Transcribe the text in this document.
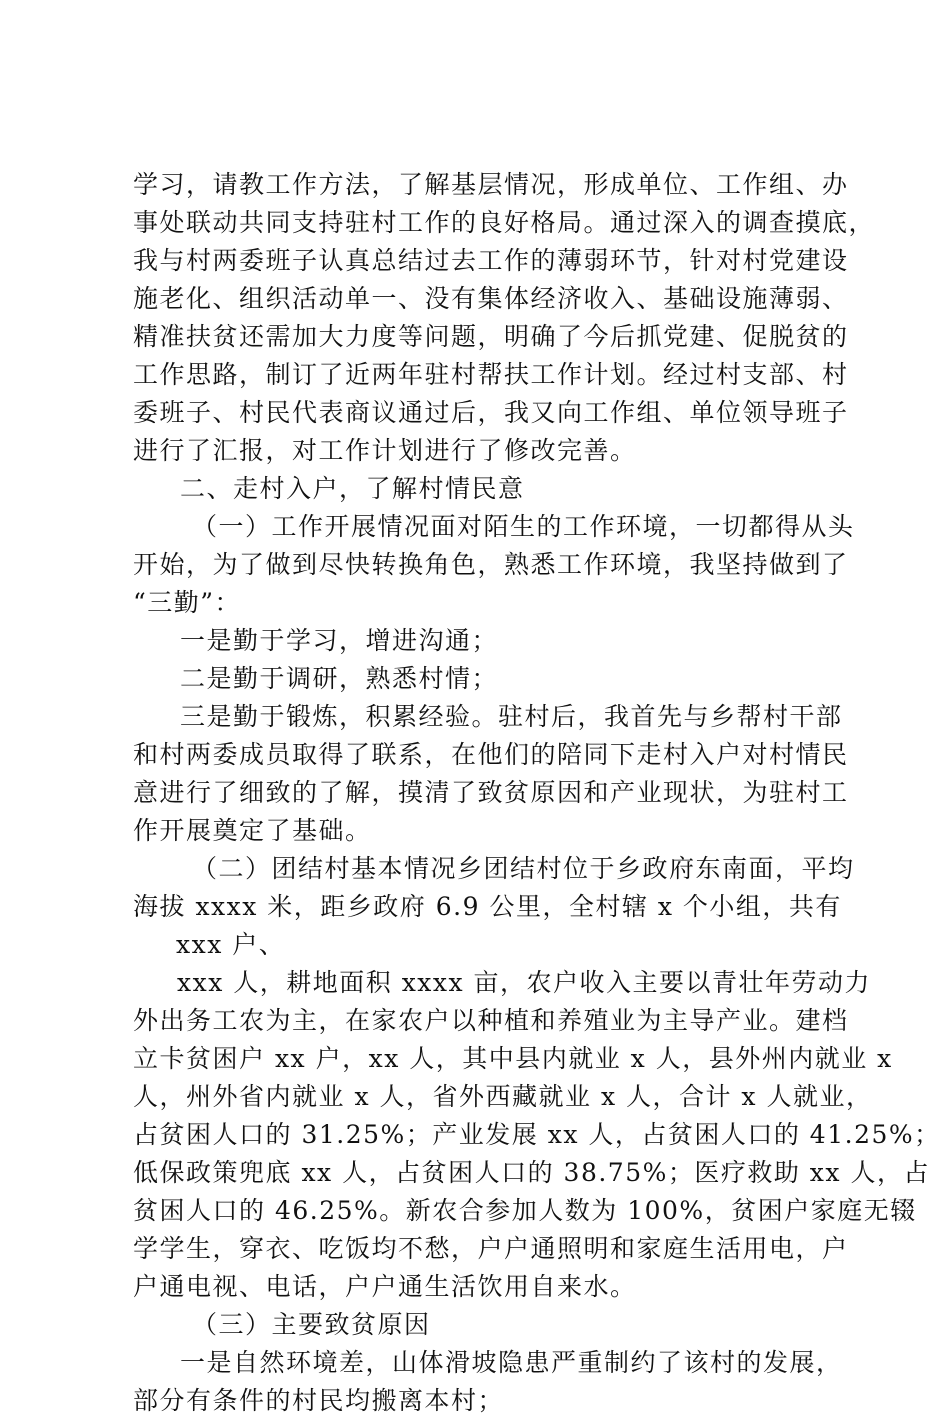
学习，请教工作方法，了解基层情况，形成单位、工作组、办
事处联动共同支持驻村工作的良好格局。通过深入的调查摸底，
我与村两委班子认真总结过去工作的薄弱环节，针对村党建设
施老化、组织活动单一、没有集体经济收入、基础设施薄弱、
精准扶贫还需加大力度等问题，明确了今后抓党建、促脱贫的
工作思路，制订了近两年驻村帮扶工作计划。经过村支部、村
委班子、村民代表商议通过后，我又向工作组、单位领导班子
进行了汇报，对工作计划进行了修改完善。
二、走村入户，了解村情民意
（一）工作开展情况面对陌生的工作环境，一切都得从头
开始，为了做到尽快转换角色，熟悉工作环境，我坚持做到了
“三勤”：
一是勤于学习，增进沟通；
二是勤于调研，熟悉村情；
三是勤于锻炼，积累经验。驻村后，我首先与乡帮村干部
和村两委成员取得了联系，在他们的陪同下走村入户对村情民
意进行了细致的了解，摸清了致贫原因和产业现状，为驻村工
作开展奠定了基础。
（二）团结村基本情况乡团结村位于乡政府东南面，平均
海拔 xxxx 米，距乡政府 6.9 公里，全村辖 x 个小组，共有
xxx 户、
xxx 人，耕地面积 xxxx 亩，农户收入主要以青壮年劳动力
外出务工农为主，在家农户以种植和养殖业为主导产业。建档
立卡贫困户 xx 户，xx 人，其中县内就业 x 人，县外州内就业 x
人，州外省内就业 x 人，省外西藏就业 x 人，合计 x 人就业，
占贫困人口的 31.25%；产业发展 xx 人，占贫困人口的 41.25%；
低保政策兜底 xx 人，占贫困人口的 38.75%；医疗救助 xx 人，占
贫困人口的 46.25%。新农合参加人数为 100%，贫困户家庭无辍
学学生，穿衣、吃饭均不愁，户户通照明和家庭生活用电，户
户通电视、电话，户户通生活饮用自来水。
（三）主要致贫原因
一是自然环境差，山体滑坡隐患严重制约了该村的发展，
部分有条件的村民均搬离本村；
